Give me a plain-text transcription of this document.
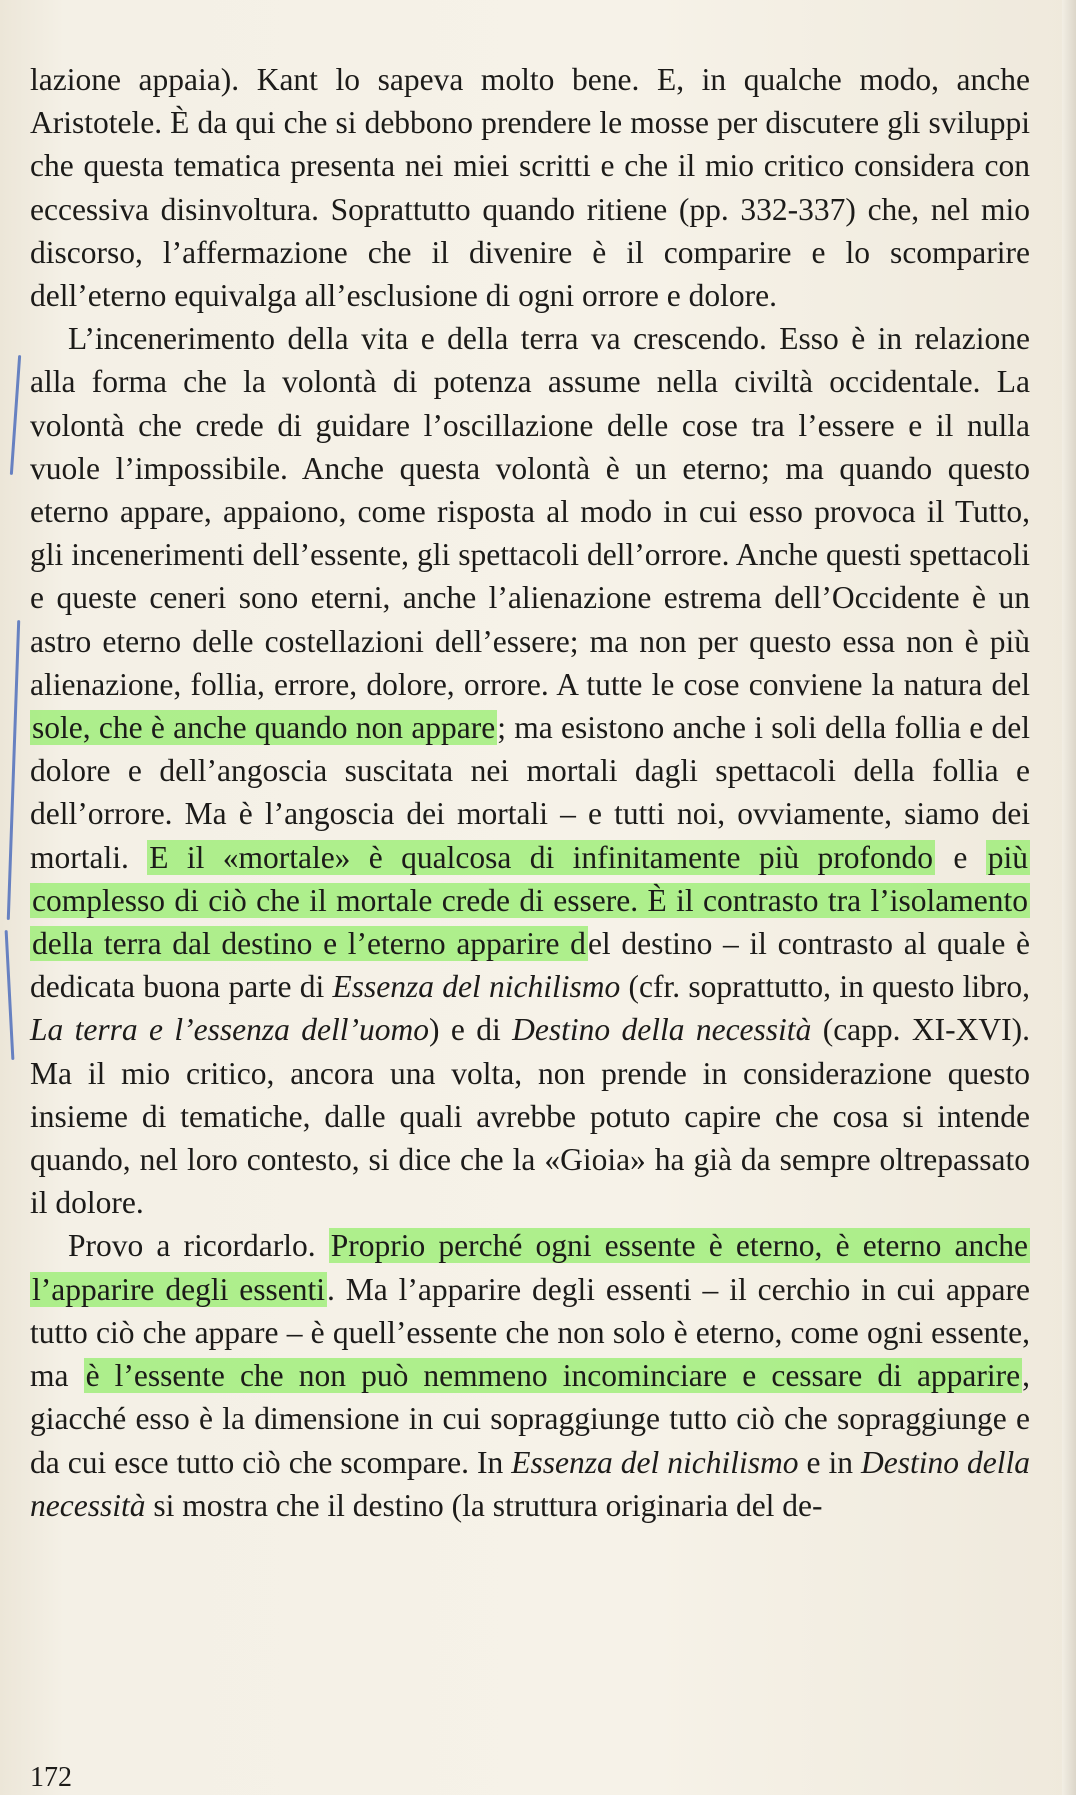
lazione appaia). Kant lo sapeva molto bene. E, in qualche modo, anche Aristotele. È da qui che si debbono prendere le mosse per discutere gli sviluppi che questa tematica presenta nei miei scritti e che il mio critico considera con eccessiva disinvoltura. Soprattutto quando ritiene (pp. 332-337) che, nel mio discorso, l’affermazione che il divenire è il comparire e lo scomparire dell’eterno equivalga all’esclusione di ogni orrore e dolore.

L’incenerimento della vita e della terra va crescendo. Esso è in relazione alla forma che la volontà di potenza assume nella civiltà occidentale. La volontà che crede di guidare l’oscillazione delle cose tra l’essere e il nulla vuole l’impossibile. Anche questa volontà è un eterno; ma quando questo eterno appare, appaiono, come risposta al modo in cui esso provoca il Tutto, gli incenerimenti dell’essente, gli spettacoli dell’orrore. Anche questi spettacoli e queste ceneri sono eterni, anche l’alienazione estrema dell’Occidente è un astro eterno delle costellazioni dell’essere; ma non per questo essa non è più alienazione, follia, errore, dolore, orrore. A tutte le cose conviene la natura del sole, che è anche quando non appare; ma esistono anche i soli della follia e del dolore e dell’angoscia suscitata nei mortali dagli spettacoli della follia e dell’orrore. Ma è l’angoscia dei mortali – e tutti noi, ovviamente, siamo dei mortali. E il «mortale» è qualcosa di infinitamente più profondo e più complesso di ciò che il mortale crede di essere. È il contrasto tra l’isolamento della terra dal destino e l’eterno apparire del destino – il contrasto al quale è dedicata buona parte di Essenza del nichilismo (cfr. soprattutto, in questo libro, La terra e l’essenza dell’uomo) e di Destino della necessità (capp. XI-XVI). Ma il mio critico, ancora una volta, non prende in considerazione questo insieme di tematiche, dalle quali avrebbe potuto capire che cosa si intende quando, nel loro contesto, si dice che la «Gioia» ha già da sempre oltrepassato il dolore.

Provo a ricordarlo. Proprio perché ogni essente è eterno, è eterno anche l’apparire degli essenti. Ma l’apparire degli essenti – il cerchio in cui appare tutto ciò che appare – è quell’essente che non solo è eterno, come ogni essente, ma è l’essente che non può nemmeno incominciare e cessare di apparire, giacché esso è la dimensione in cui sopraggiunge tutto ciò che sopraggiunge e da cui esce tutto ciò che scompare. In Essenza del nichilismo e in Destino della necessità si mostra che il destino (la struttura originaria del de-

172
